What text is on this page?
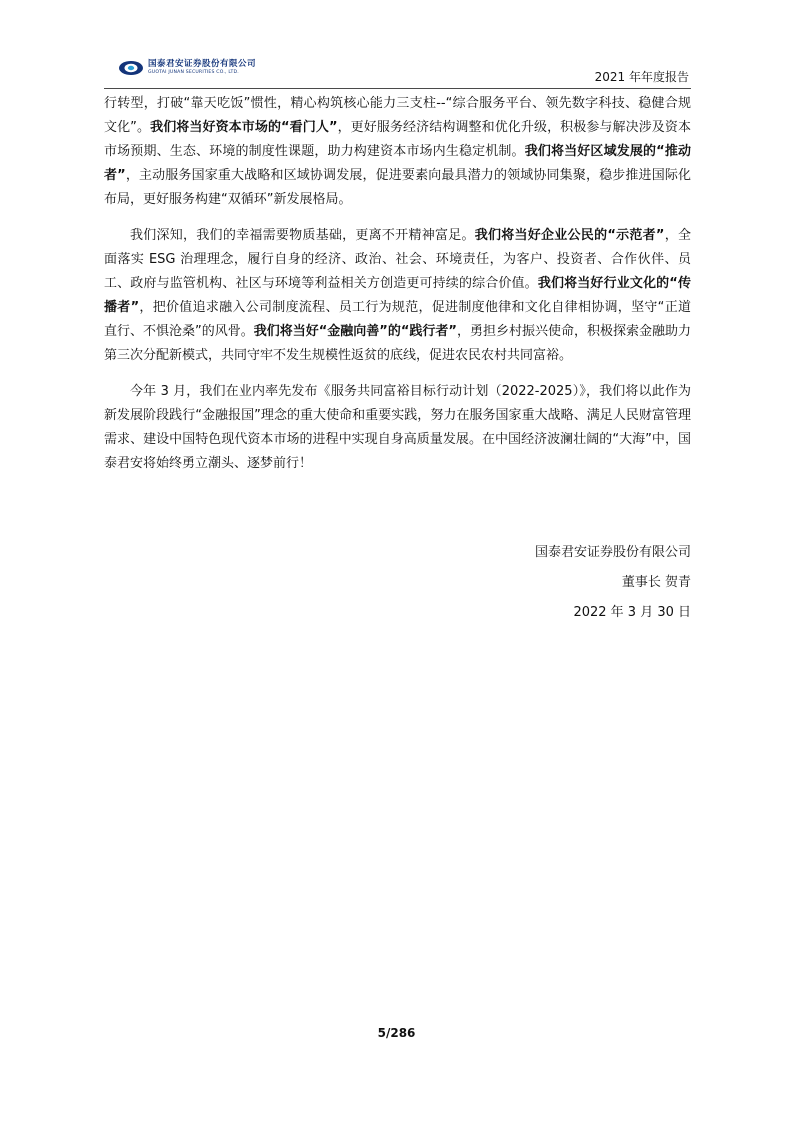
国泰君安证券股份有限公司
GUOTAI JUNAN SECURITIES CO., LTD.	2021 年年度报告

行转型，打破“靠天吃饭”惯性，精心构筑核心能力三支柱--“综合服务平台、领先数字科技、稳健合规文化”。我们将当好资本市场的“看门人”，更好服务经济结构调整和优化升级，积极参与解决涉及资本市场预期、生态、环境的制度性课题，助力构建资本市场内生稳定机制。我们将当好区域发展的“推动者”，主动服务国家重大战略和区域协调发展，促进要素向最具潜力的领域协同集聚，稳步推进国际化布局，更好服务构建“双循环”新发展格局。

我们深知，我们的幸福需要物质基础，更离不开精神富足。我们将当好企业公民的“示范者”，全面落实 ESG 治理理念，履行自身的经济、政治、社会、环境责任，为客户、投资者、合作伙伴、员工、政府与监管机构、社区与环境等利益相关方创造更可持续的综合价值。我们将当好行业文化的“传播者”，把价值追求融入公司制度流程、员工行为规范，促进制度他律和文化自律相协调，坚守“正道直行、不惧沧桑”的风骨。我们将当好“金融向善”的“践行者”，勇担乡村振兴使命，积极探索金融助力第三次分配新模式，共同守牢不发生规模性返贫的底线，促进农民农村共同富裕。

今年 3 月，我们在业内率先发布《服务共同富裕目标行动计划（2022-2025）》，我们将以此作为新发展阶段践行“金融报国”理念的重大使命和重要实践，努力在服务国家重大战略、满足人民财富管理需求、建设中国特色现代资本市场的进程中实现自身高质量发展。在中国经济波澜壮阔的“大海”中，国泰君安将始终勇立潮头、逐梦前行！

国泰君安证券股份有限公司
董事长 贺青
2022 年 3 月 30 日
5/286
